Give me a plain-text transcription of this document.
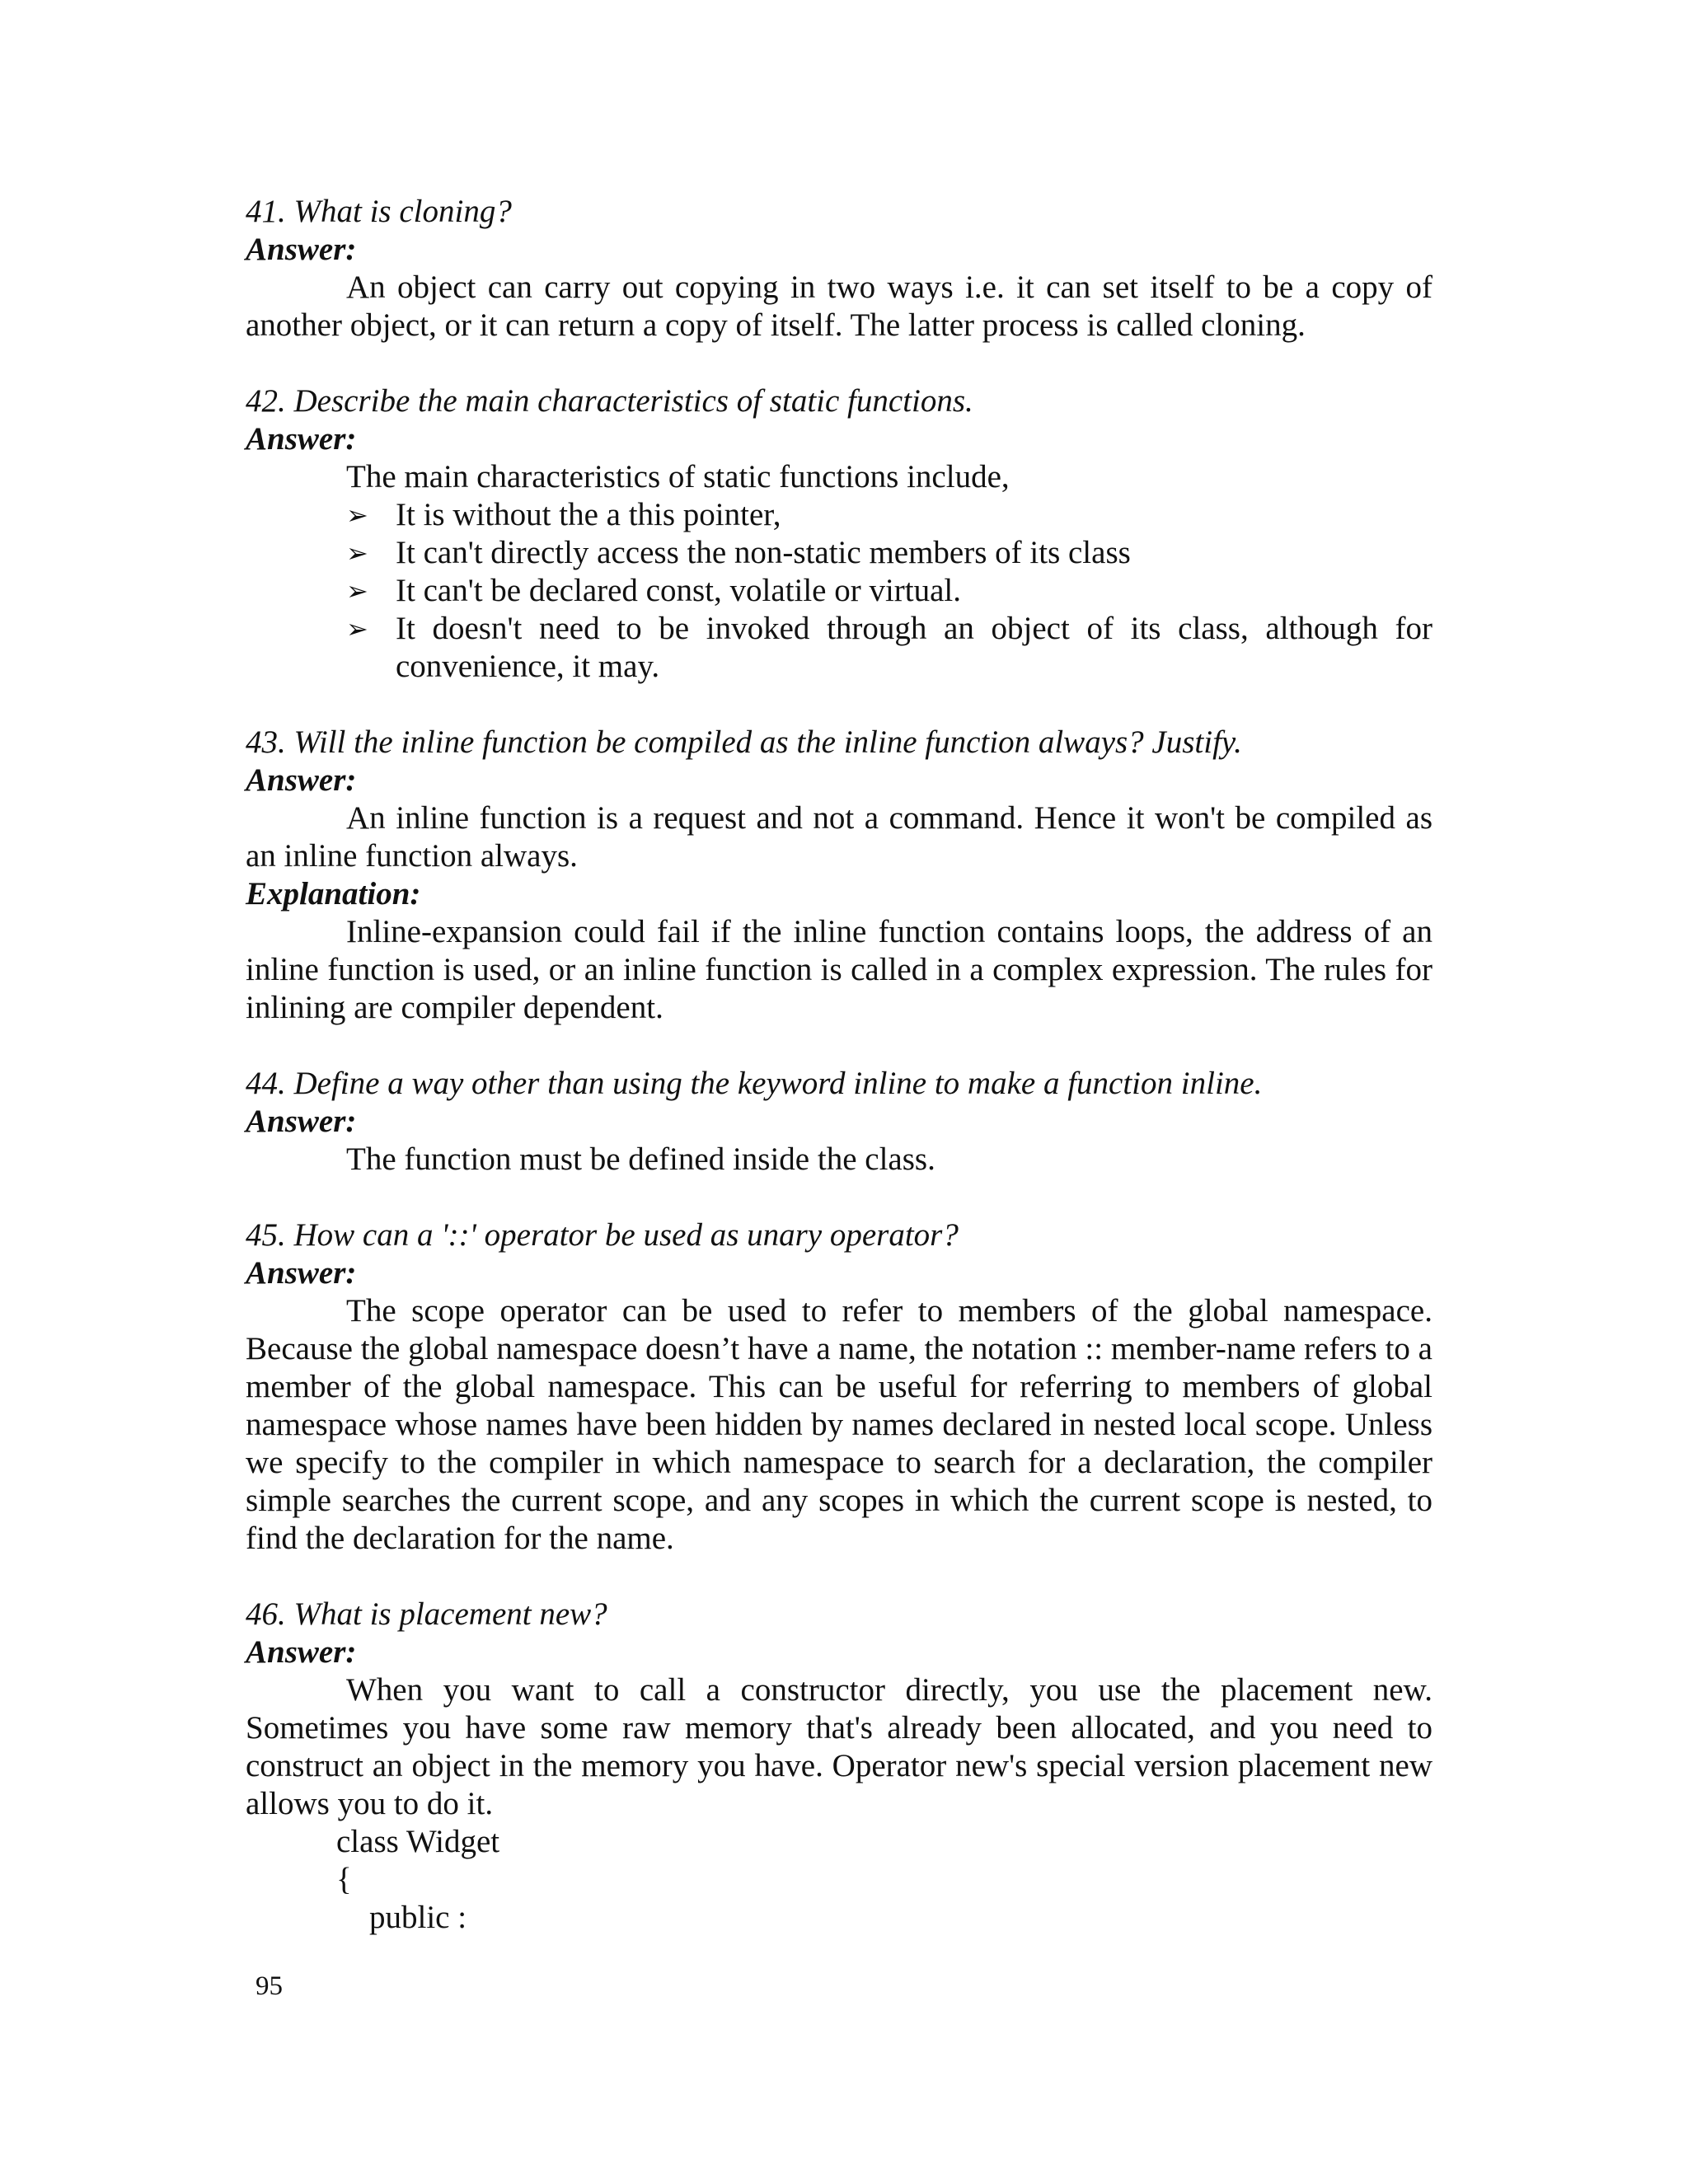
41. What is cloning?

Answer:

An object can carry out copying in two ways i.e. it can set itself to be a copy of another object, or it can return a copy of itself. The latter process is called cloning.

42. Describe the main characteristics of static functions.

Answer:

The main characteristics of static functions include,

➢ It is without the a this pointer,
➢ It can't directly access the non-static members of its class
➢ It can't be declared const, volatile or virtual.
➢ It doesn't need to be invoked through an object of its class, although for convenience, it may.

43. Will the inline function be compiled as the inline function always? Justify.

Answer:

An inline function is a request and not a command. Hence it won't be compiled as an inline function always.

Explanation:

Inline-expansion could fail if the inline function contains loops, the address of an inline function is used, or an inline function is called in a complex expression. The rules for inlining are compiler dependent.

44. Define a way other than using the keyword inline to make a function inline.

Answer:

The function must be defined inside the class.

45. How can a '::' operator be used as unary operator?

Answer:

The scope operator can be used to refer to members of the global namespace. Because the global namespace doesn’t have a name, the notation :: member-name refers to a member of the global namespace. This can be useful for referring to members of global namespace whose names have been hidden by names declared in nested local scope. Unless we specify to the compiler in which namespace to search for a declaration, the compiler simple searches the current scope, and any scopes in which the current scope is nested, to find the declaration for the name.

46. What is placement new?

Answer:

When you want to call a constructor directly, you use the placement new. Sometimes you have some raw memory that's already been allocated, and you need to construct an object in the memory you have. Operator new's special version placement new allows you to do it.

class Widget

{

public :

95
